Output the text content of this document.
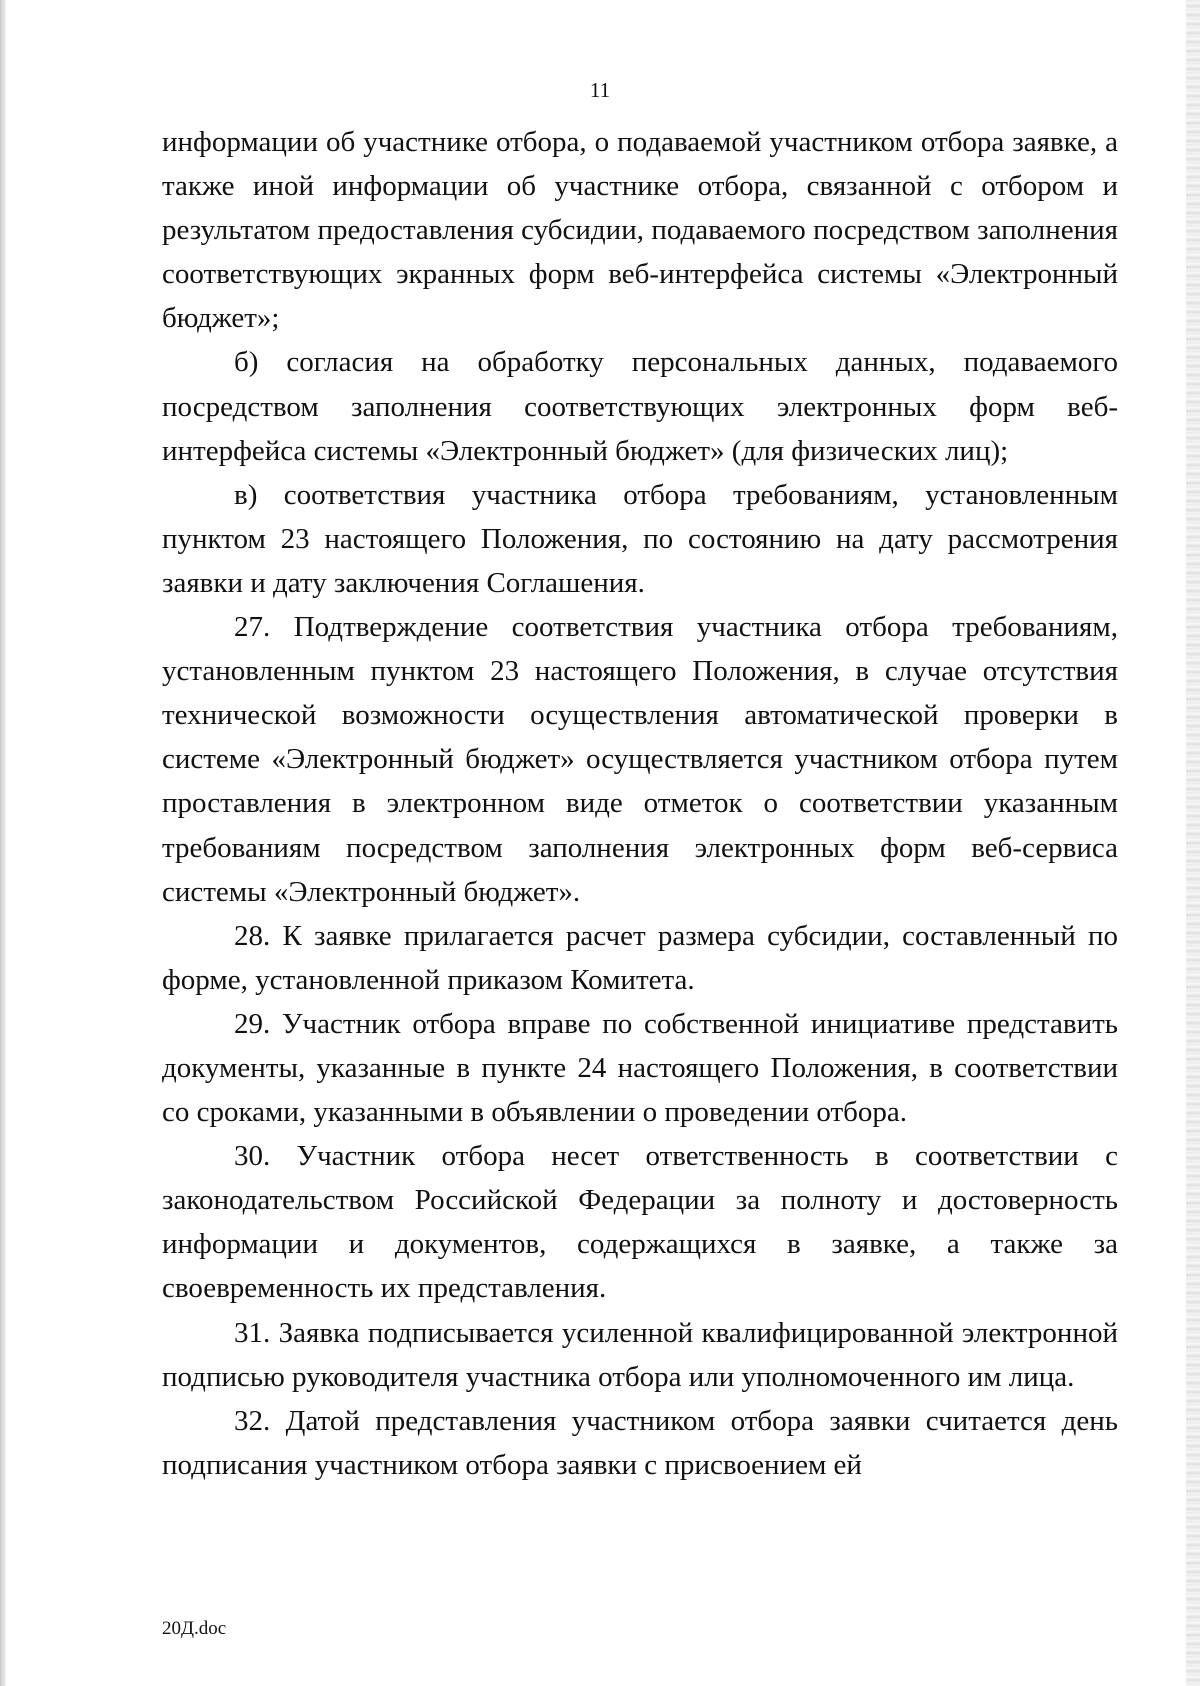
11

информации об участнике отбора, о подаваемой участником отбора заявке, а также иной информации об участнике отбора, связанной с отбором и результатом предоставления субсидии, подаваемого посредством заполнения соответствующих экранных форм веб-интерфейса системы «Электронный бюджет»;

б) согласия на обработку персональных данных, подаваемого посредством заполнения соответствующих электронных форм веб-интерфейса системы «Электронный бюджет» (для физических лиц);

в) соответствия участника отбора требованиям, установленным пунктом 23 настоящего Положения, по состоянию на дату рассмотрения заявки и дату заключения Соглашения.

27. Подтверждение соответствия участника отбора требованиям, установленным пунктом 23 настоящего Положения, в случае отсутствия технической возможности осуществления автоматической проверки в системе «Электронный бюджет» осуществляется участником отбора путем проставления в электронном виде отметок о соответствии указанным требованиям посредством заполнения электронных форм веб-сервиса системы «Электронный бюджет».

28. К заявке прилагается расчет размера субсидии, составленный по форме, установленной приказом Комитета.

29. Участник отбора вправе по собственной инициативе представить документы, указанные в пункте 24 настоящего Положения, в соответствии со сроками, указанными в объявлении о проведении отбора.

30. Участник отбора несет ответственность в соответствии с законодательством Российской Федерации за полноту и достоверность информации и документов, содержащихся в заявке, а также за своевременность их представления.

31. Заявка подписывается усиленной квалифицированной электронной подписью руководителя участника отбора или уполномоченного им лица.

32. Датой представления участником отбора заявки считается день подписания участником отбора заявки с присвоением ей

20Д.doc
